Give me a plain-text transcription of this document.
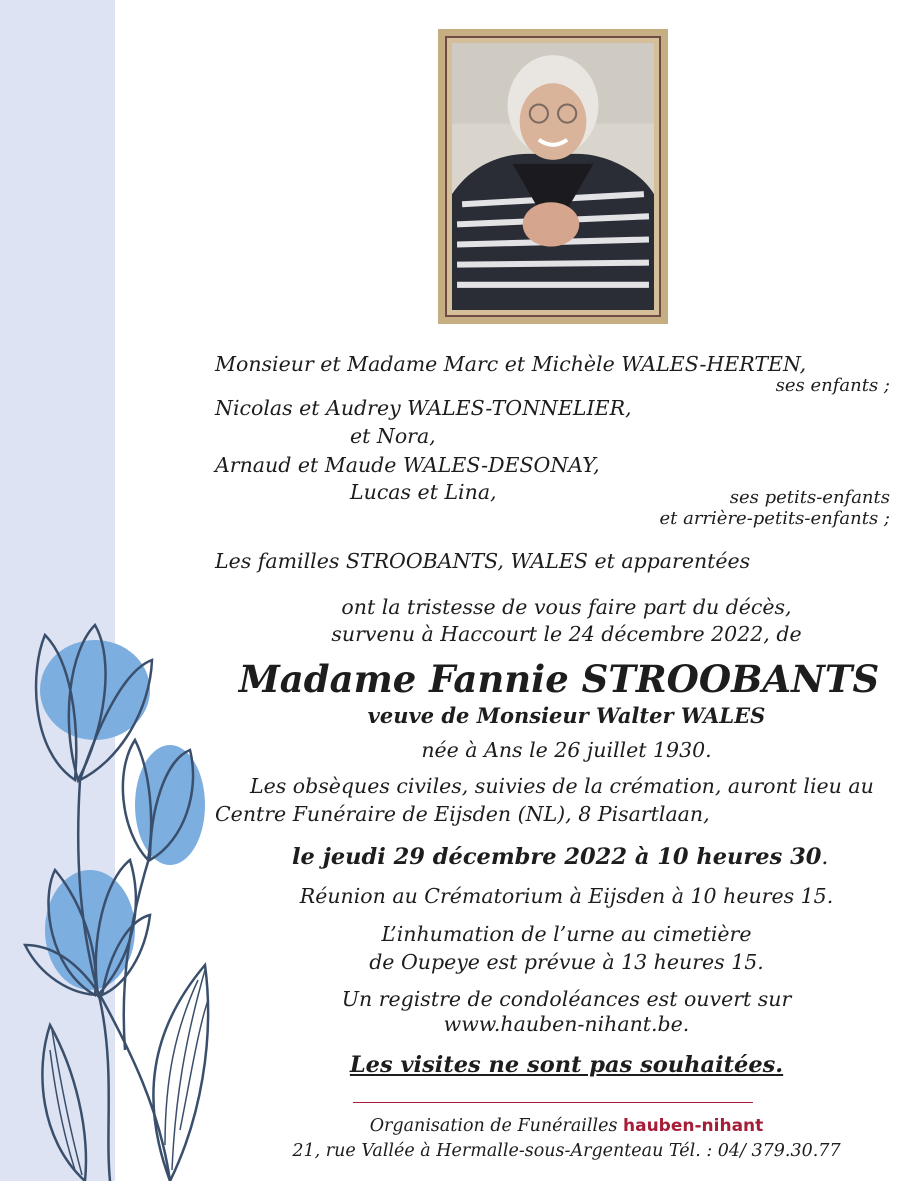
Monsieur et Madame Marc et Michèle WALES-HERTEN,
ses enfants ;
Nicolas et Audrey WALES-TONNELIER,
et Nora,
Arnaud et Maude WALES-DESONAY,
Lucas et Lina,	ses petits-enfants
et arrière-petits-enfants ;
Les familles STROOBANTS, WALES et apparentées
ont la tristesse de vous faire part du décès,
survenu à Haccourt le 24 décembre 2022, de
Madame Fannie STROOBANTS
veuve de Monsieur Walter WALES
née à Ans le 26 juillet 1930.
Les obsèques civiles, suivies de la crémation, auront lieu au
Centre Funéraire de Eijsden (NL), 8 Pisartlaan,
le jeudi 29 décembre 2022 à 10 heures 30.
Réunion au Crématorium à Eijsden à 10 heures 15.
L’inhumation de l’urne au cimetière
de Oupeye est prévue à 13 heures 15.
Un registre de condoléances est ouvert sur
www.hauben-nihant.be.
Les visites ne sont pas souhaitées.
Organisation de Funérailles hauben-nihant
21, rue Vallée à Hermalle-sous-Argenteau Tél. : 04/ 379.30.77
